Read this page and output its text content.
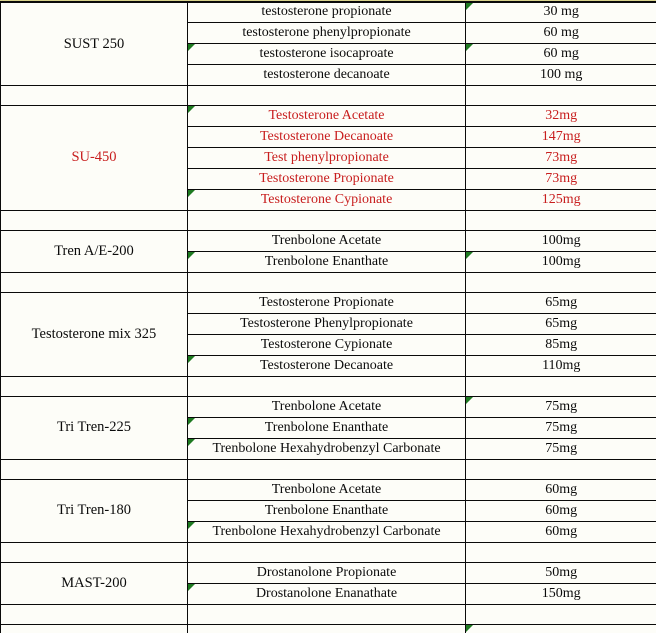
SUST 250	testosterone propionate	30 mg

	testosterone phenylpropionate	60 mg
	testosterone isocaproate	60 mg

	testosterone decanoate	100 mg

SU-450	Testosterone Acetate	32mg
	Testosterone Decanoate	147mg
	Test phenylpropionate	73mg
	Testosterone Propionate	73mg
	Testosterone Cypionate	125mg

Tren A/E-200	Trenbolone Acetate	100mg
	Trenbolone Enanthate	100mg

Testosterone mix 325	Testosterone Propionate	65mg
	Testosterone Phenylpropionate	65mg
	Testosterone Cypionate	85mg
	Testosterone Decanoate	110mg

Tri Tren-225	Trenbolone Acetate	75mg

	Trenbolone Enanthate	75mg
	Trenbolone Hexahydrobenzyl Carbonate	75mg

Tri Tren-180	Trenbolone Acetate	60mg
	Trenbolone Enanthate	60mg
	Trenbolone Hexahydrobenzyl Carbonate	60mg

MAST-200	Drostanolone Propionate	50mg
	Drostanolone Enanathate	150mg
